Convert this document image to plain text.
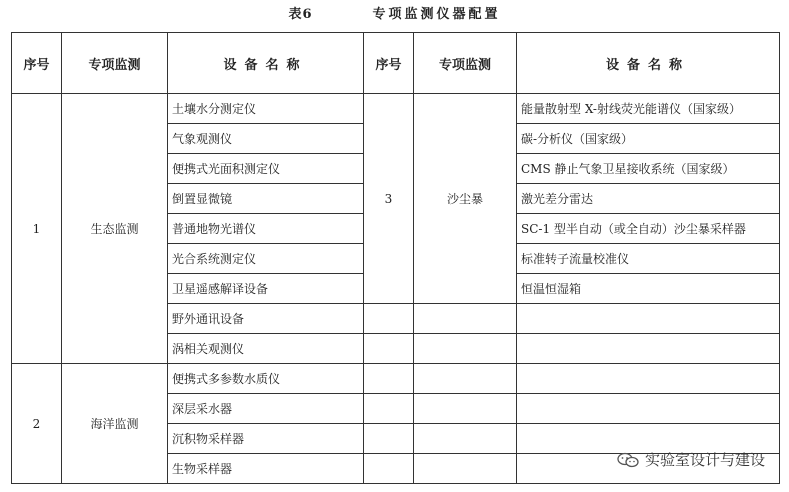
表6	专项监测仪器配置
序号	专项监测	设备名称	序号	专项监测	设备名称
1	生态监测	土壤水分测定仪	3	沙尘暴	能量散射型 X-射线荧光能谱仪（国家级）
		气象观测仪			碳-分析仪（国家级）
		便携式光面积测定仪			CMS 静止气象卫星接收系统（国家级）
		倒置显微镜			激光差分雷达
		普通地物光谱仪			SC-1 型半自动（或全自动）沙尘暴采样器
		光合系统测定仪			标准转子流量校准仪
		卫星遥感解译设备			恒温恒湿箱
		野外通讯设备			
		涡相关观测仪			
2	海洋监测	便携式多参数水质仪			
		深层采水器			
		沉积物采样器			
		生物采样器				实验室设计与建设
